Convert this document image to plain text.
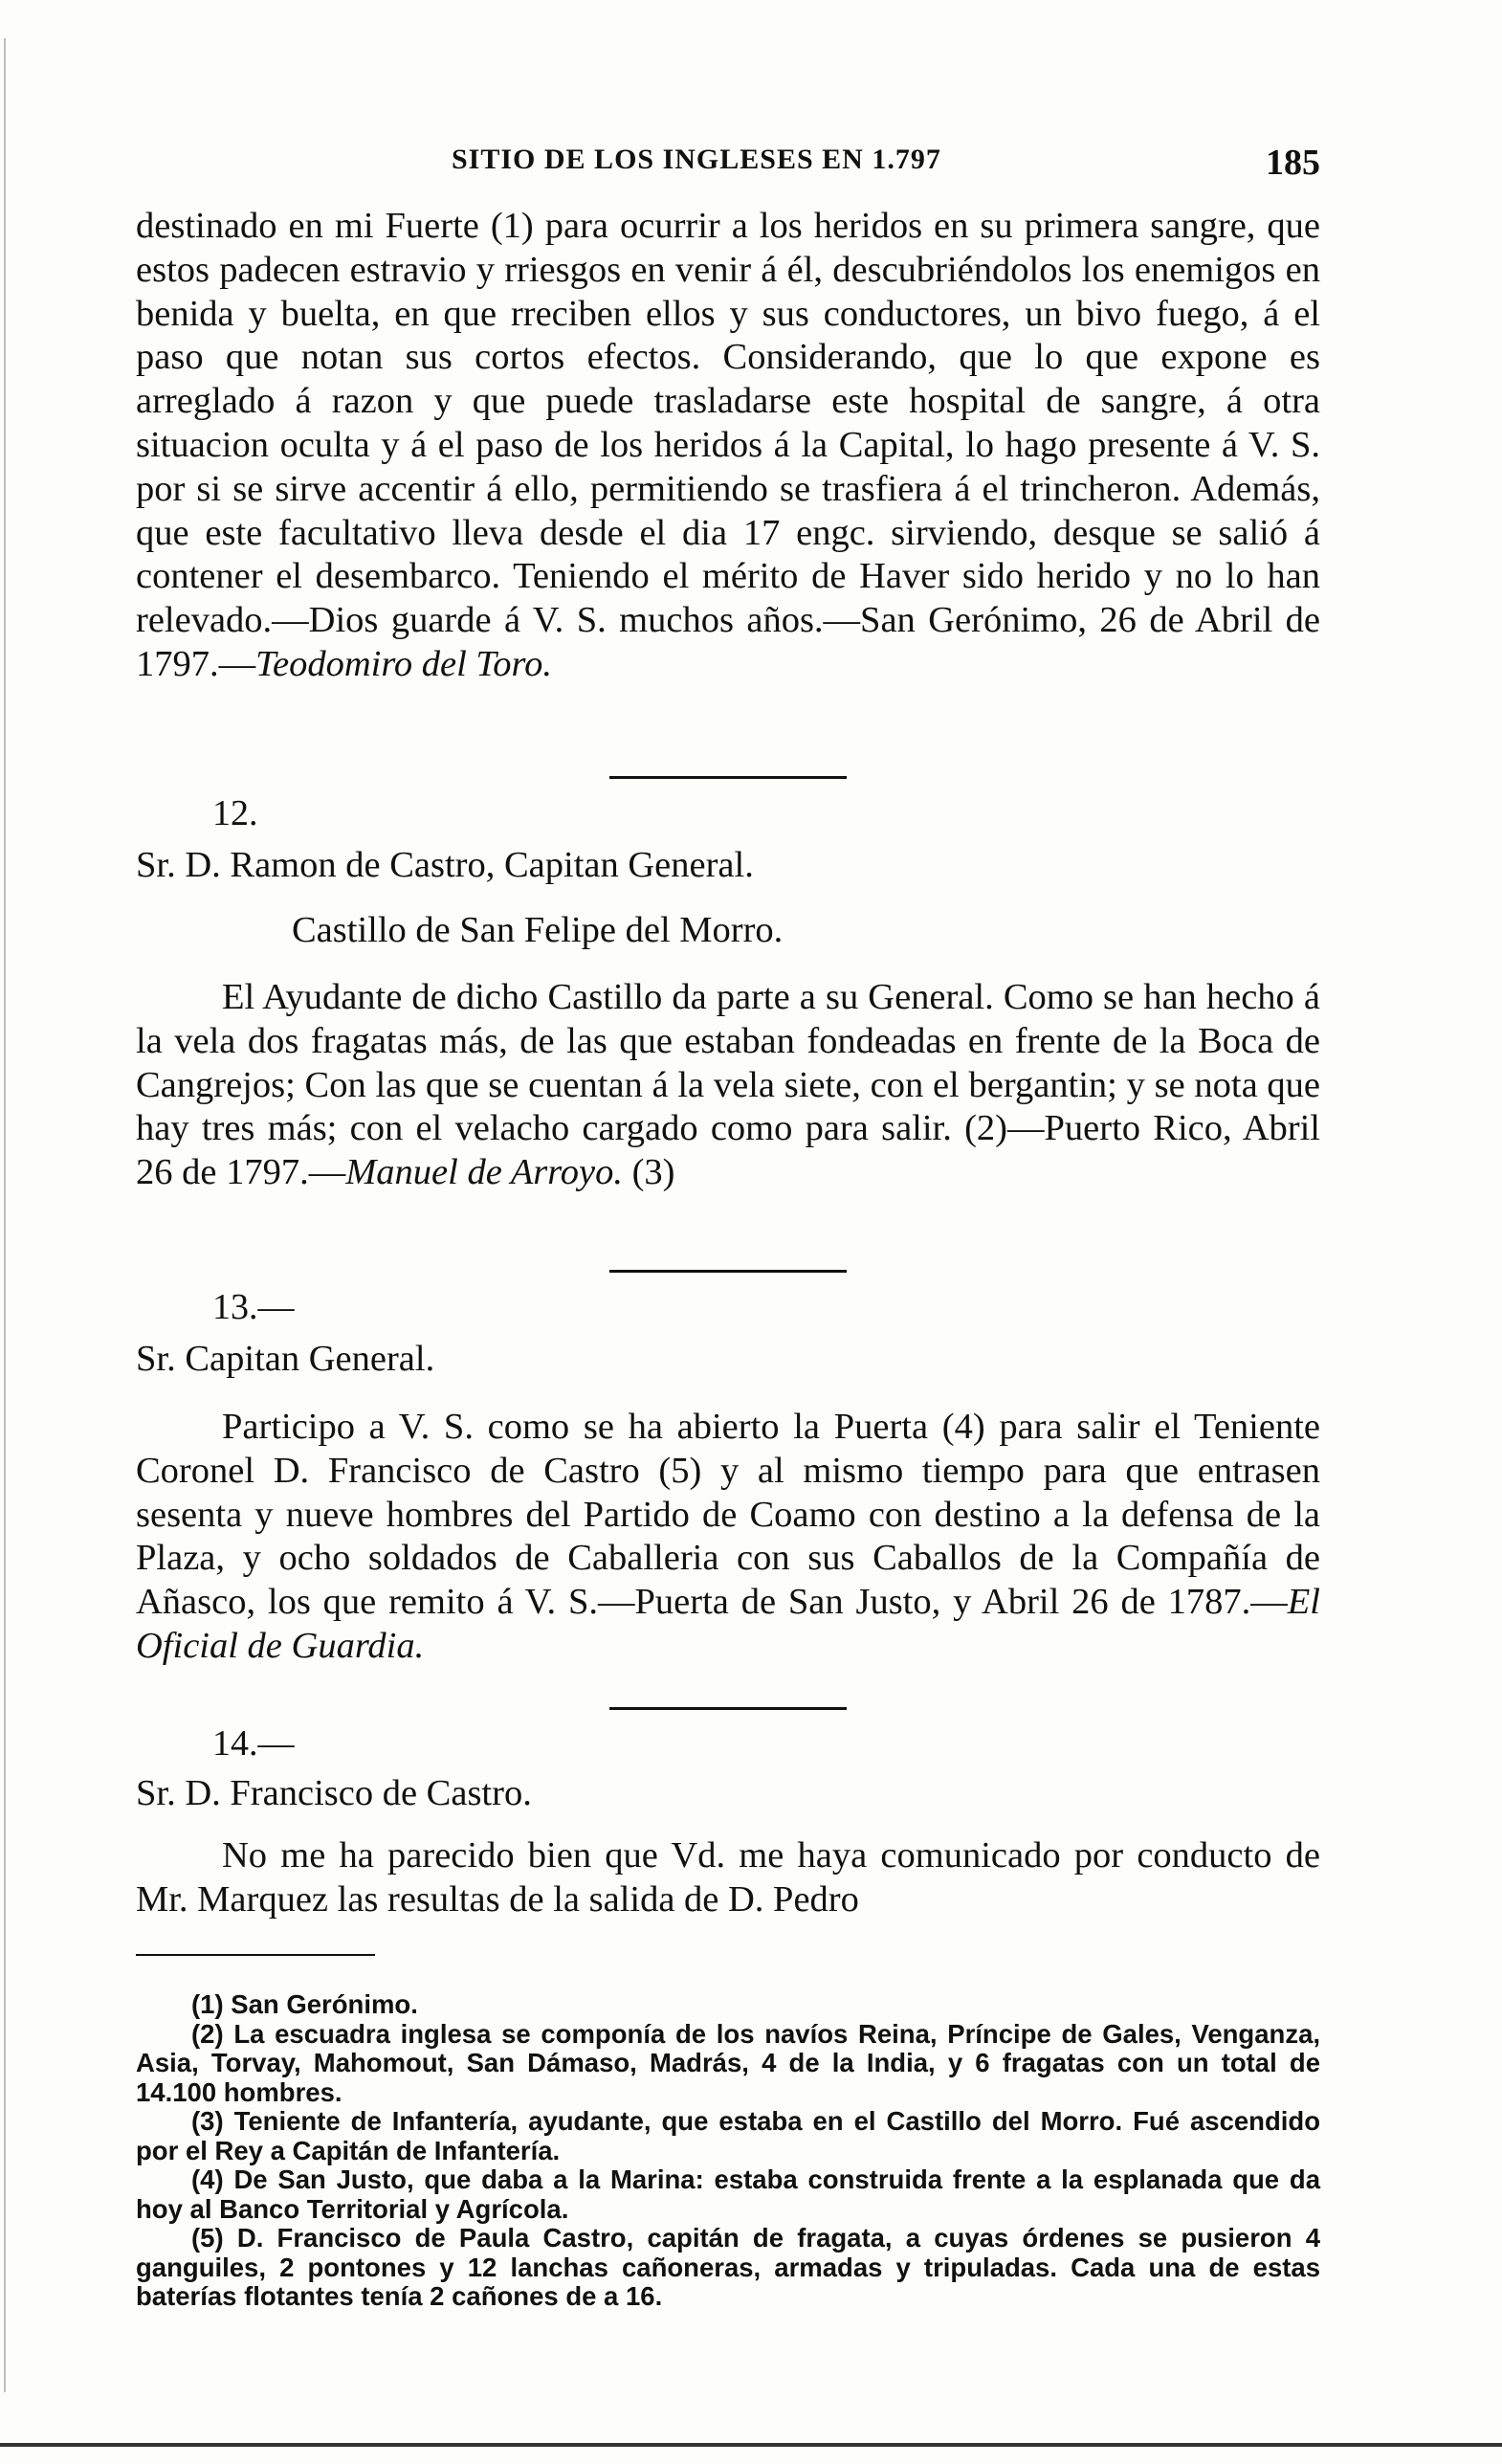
SITIO DE LOS INGLESES EN 1.797	185

destinado en mi Fuerte (1) para ocurrir a los heridos en su primera sangre, que estos padecen estravio y rriesgos en venir á él, descubriéndolos los enemigos en benida y buelta, en que rreciben ellos y sus conductores, un bivo fuego, á el paso que notan sus cortos efectos. Considerando, que lo que expone es arreglado á razon y que puede trasladarse este hospital de sangre, á otra situacion oculta y á el paso de los heridos á la Capital, lo hago presente á V. S. por si se sirve accentir á ello, permitiendo se trasfiera á el trincheron. Además, que este facultativo lleva desde el dia 17 engc. sirviendo, desque se salió á contener el desembarco. Teniendo el mérito de Haver sido herido y no lo han relevado.—Dios guarde á V. S. muchos años.—San Gerónimo, 26 de Abril de 1797.—Teodomiro del Toro.

12.
Sr. D. Ramon de Castro, Capitan General.
Castillo de San Felipe del Morro.

El Ayudante de dicho Castillo da parte a su General. Como se han hecho á la vela dos fragatas más, de las que estaban fondeadas en frente de la Boca de Cangrejos; Con las que se cuentan á la vela siete, con el bergantin; y se nota que hay tres más; con el velacho cargado como para salir. (2)—Puerto Rico, Abril 26 de 1797.—Manuel de Arroyo. (3)

13.—
Sr. Capitan General.

Participo a V. S. como se ha abierto la Puerta (4) para salir el Teniente Coronel D. Francisco de Castro (5) y al mismo tiempo para que entrasen sesenta y nueve hombres del Partido de Coamo con destino a la defensa de la Plaza, y ocho soldados de Caballeria con sus Caballos de la Compañía de Añasco, los que remito á V. S.—Puerta de San Justo, y Abril 26 de 1787.—El Oficial de Guardia.

14.—
Sr. D. Francisco de Castro.

No me ha parecido bien que Vd. me haya comunicado por conducto de Mr. Marquez las resultas de la salida de D. Pedro

(1) San Gerónimo.

(2) La escuadra inglesa se componía de los navíos Reina, Príncipe de Gales, Venganza, Asia, Torvay, Mahomout, San Dámaso, Madrás, 4 de la India, y 6 fragatas con un total de 14.100 hombres.

(3) Teniente de Infantería, ayudante, que estaba en el Castillo del Morro. Fué ascendido por el Rey a Capitán de Infantería.

(4) De San Justo, que daba a la Marina: estaba construida frente a la esplanada que da hoy al Banco Territorial y Agrícola.

(5) D. Francisco de Paula Castro, capitán de fragata, a cuyas órdenes se pusieron 4 ganguiles, 2 pontones y 12 lanchas cañoneras, armadas y tripuladas. Cada una de estas baterías flotantes tenía 2 cañones de a 16.
